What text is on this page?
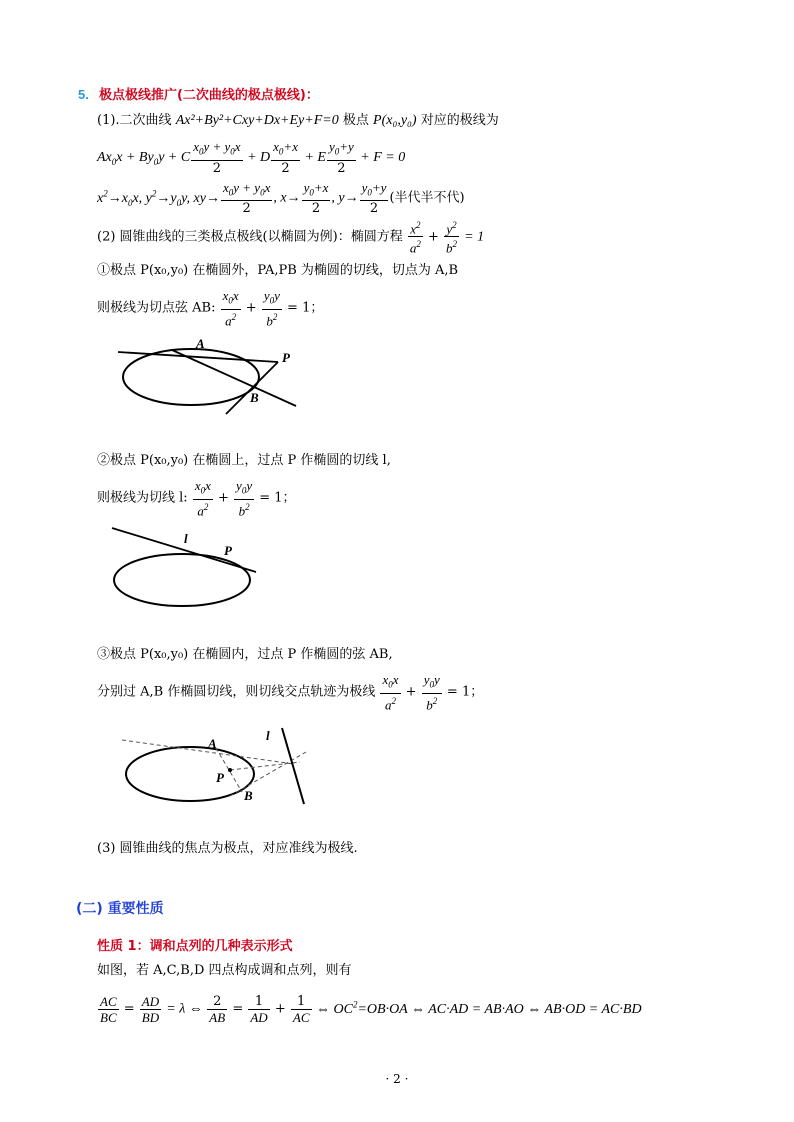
5. 极点极线推广(二次曲线的极点极线)：
(1).二次曲线 Ax²+By²+Cxy+Dx+Ey+F=0 极点 P(x₀,y₀) 对应的极线为
$Ax_0x + By_0y + C \frac{x_0y + y_0x}{2} + D \frac{x_0+x}{2} + E \frac{y_0+y}{2} + F = 0$
$x^2\to x_0x$, $y^2\to y_0y$, $xy\to \frac{x_0y + y_0x}{2}$ , $x\to \frac{y_0+x}{2}$ , $y\to \frac{y_0+y}{2}$ (半代半不代)
(2) 圆锥曲线的三类极点极线(以椭圆为例)：椭圆方程 $\frac{x^2}{a^2} + \frac{y^2}{b^2} = 1$
①极点 P(x₀,y₀) 在椭圆外，PA,PB 为椭圆的切线，切点为 A,B
则极线为切点弦 AB: $\frac{x_0x}{a^2} + \frac{y_0y}{b^2} = 1$；
A
P
B
②极点 P(x₀,y₀) 在椭圆上，过点 P 作椭圆的切线 l,
则极线为切线 l: $\frac{x_0x}{a^2} + \frac{y_0y}{b^2} = 1$；
l
P
③极点 P(x₀,y₀) 在椭圆内，过点 P 作椭圆的弦 AB,
分别过 A,B 作椭圆切线，则切线交点轨迹为极线 $\frac{x_0x}{a^2} + \frac{y_0y}{b^2} = 1$；
A
P
B
l
(3) 圆锥曲线的焦点为极点，对应准线为极线.
(二) 重要性质
性质 1：调和点列的几种表示形式
如图，若 A,C,B,D 四点构成调和点列，则有
$\frac{AC}{BC} = \frac{AD}{BD} = \lambda$ ⇔ $\frac{2}{AB} = \frac{1}{AD} + \frac{1}{AC}$ ⇔ $OC^2=OB\cdot OA$ ⇔ AC·AD = AB·AO ⇔ AB·OD = AC·BD
· 2 ·
